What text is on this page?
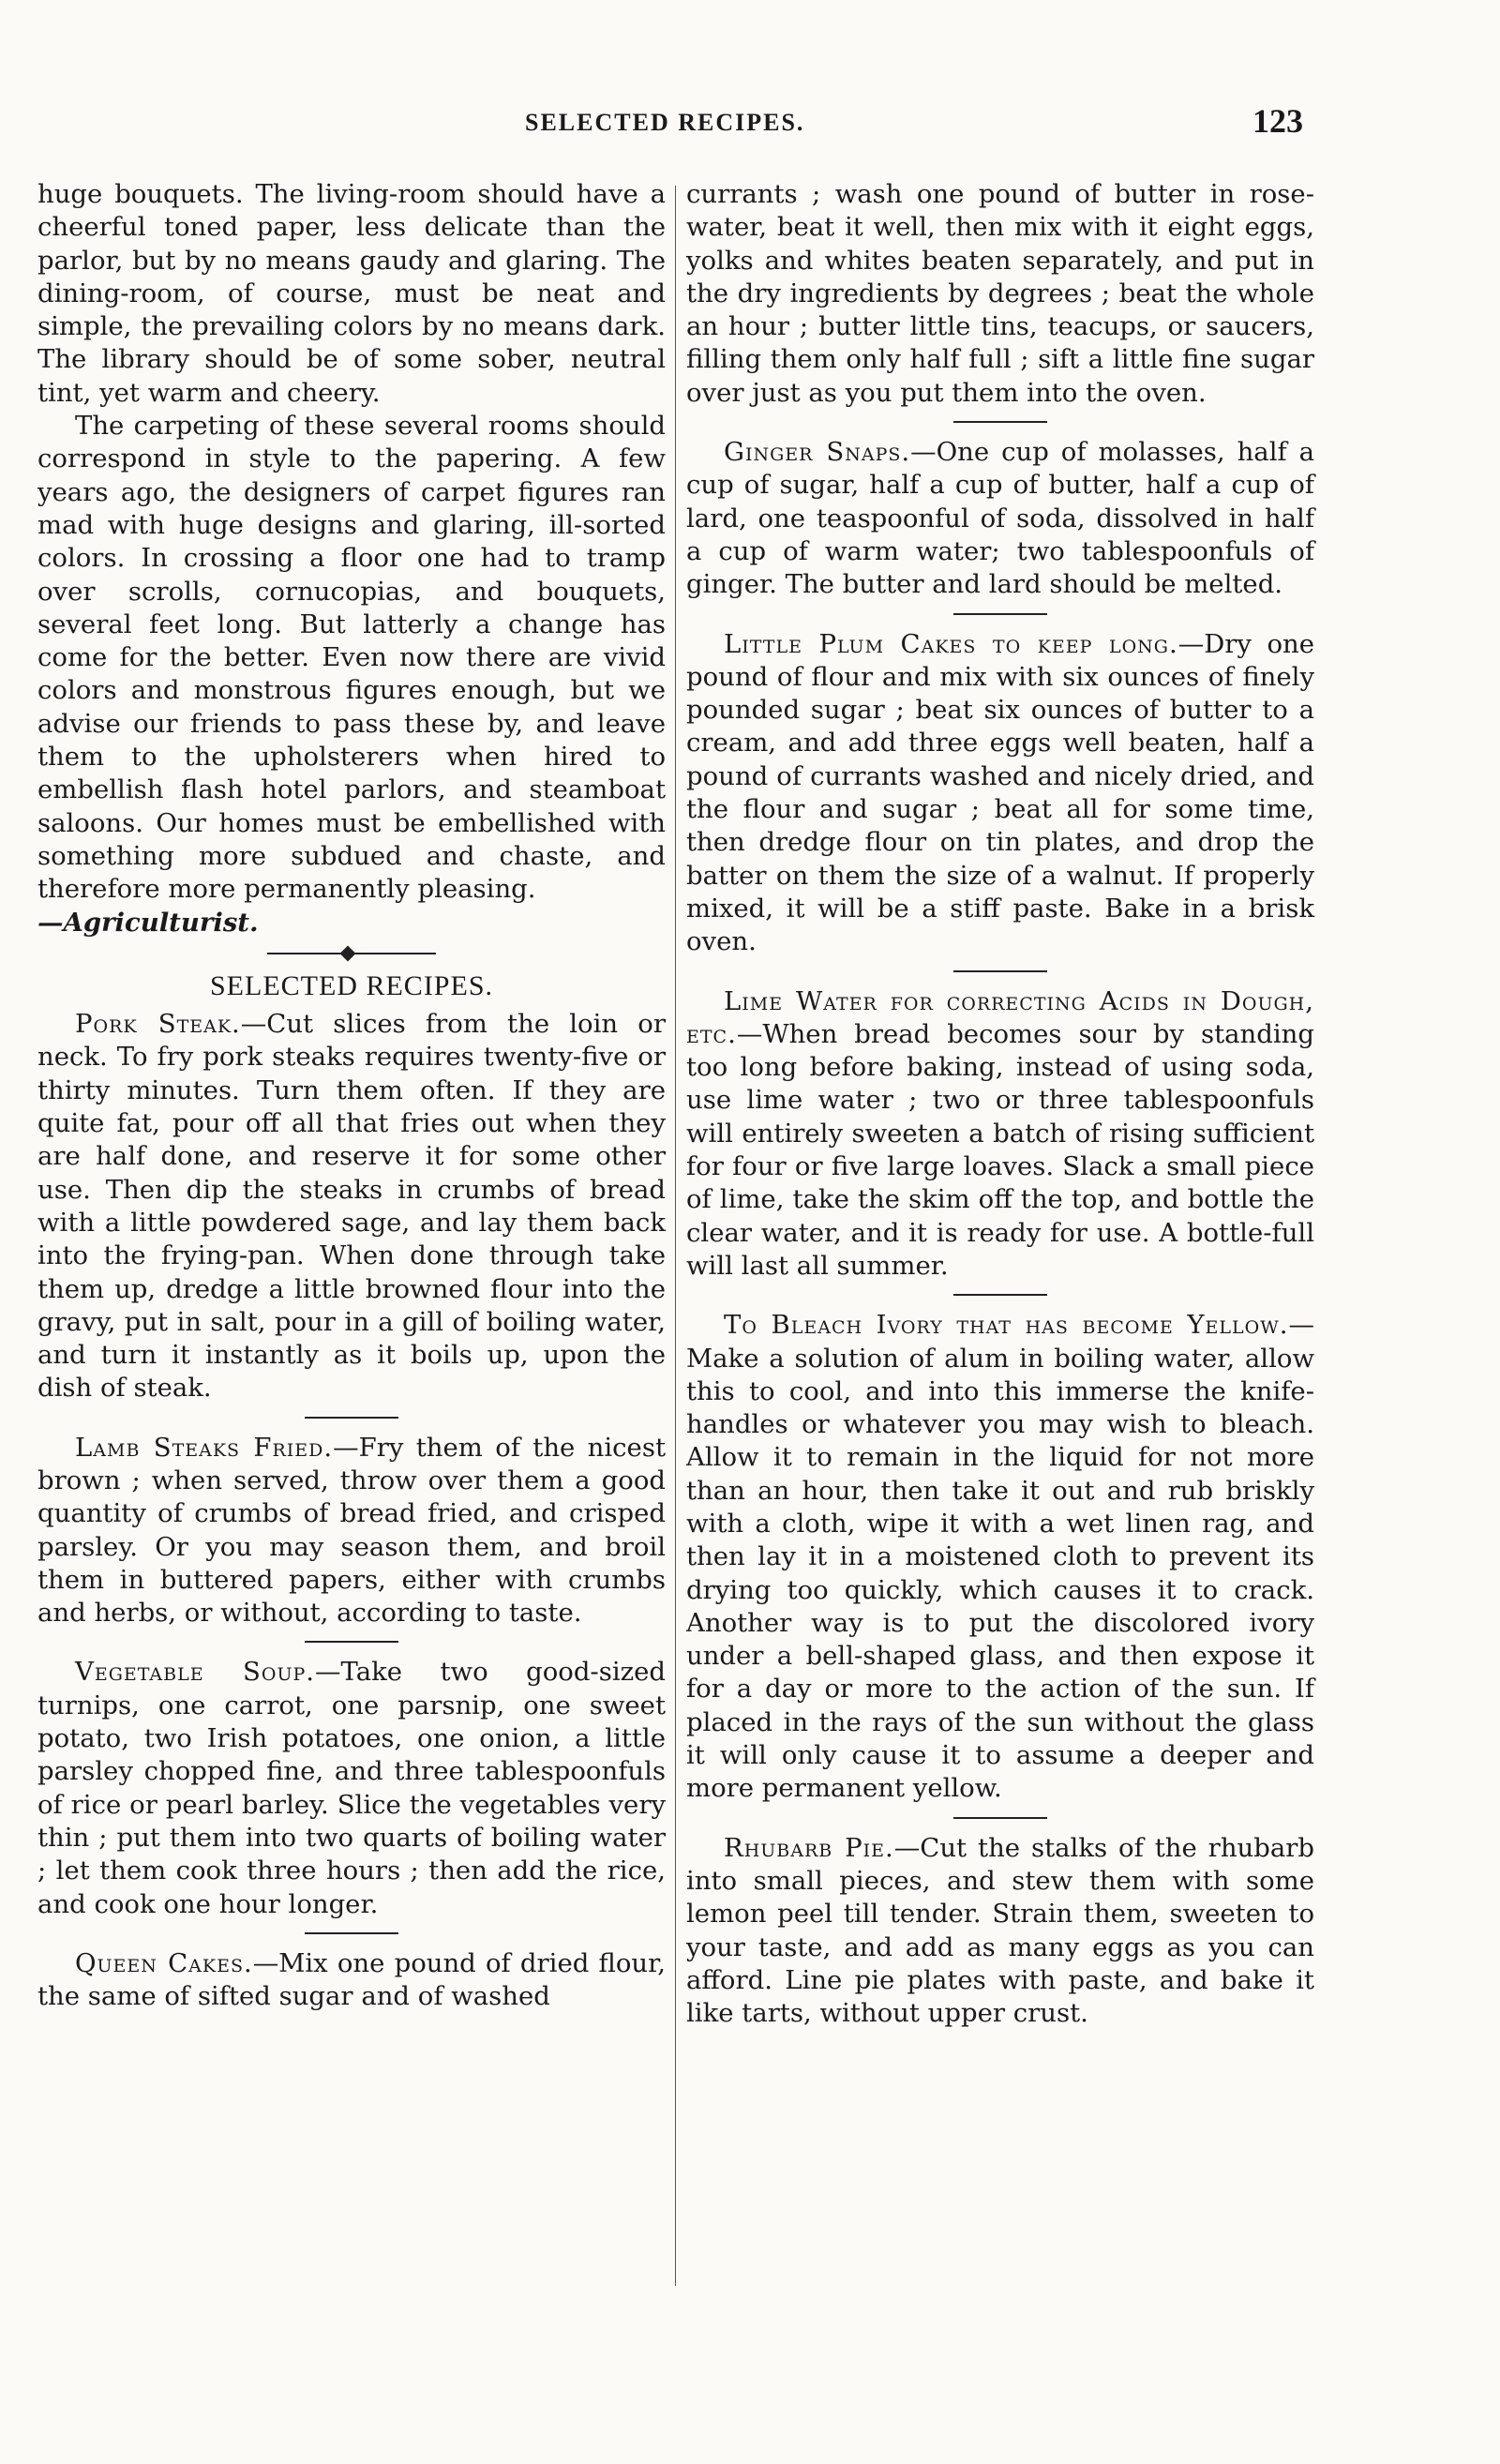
SELECTED RECIPES.	123

huge bouquets. The living-room should have a cheerful toned paper, less delicate than the parlor, but by no means gaudy and glaring. The dining-room, of course, must be neat and simple, the prevailing colors by no means dark. The library should be of some sober, neutral tint, yet warm and cheery.

The carpeting of these several rooms should correspond in style to the papering. A few years ago, the designers of carpet figures ran mad with huge designs and glaring, ill-sorted colors. In crossing a floor one had to tramp over scrolls, cornucopias, and bouquets, several feet long. But latterly a change has come for the better. Even now there are vivid colors and monstrous figures enough, but we advise our friends to pass these by, and leave them to the upholsterers when hired to embellish flash hotel parlors, and steamboat saloons. Our homes must be embellished with something more subdued and chaste, and therefore more permanently pleasing.

—Agriculturist.

SELECTED RECIPES.

Pork Steak.—Cut slices from the loin or neck. To fry pork steaks requires twenty-five or thirty minutes. Turn them often. If they are quite fat, pour off all that fries out when they are half done, and reserve it for some other use. Then dip the steaks in crumbs of bread with a little powdered sage, and lay them back into the frying-pan. When done through take them up, dredge a little browned flour into the gravy, put in salt, pour in a gill of boiling water, and turn it instantly as it boils up, upon the dish of steak.

Lamb Steaks Fried.—Fry them of the nicest brown ; when served, throw over them a good quantity of crumbs of bread fried, and crisped parsley. Or you may season them, and broil them in buttered papers, either with crumbs and herbs, or without, according to taste.

Vegetable Soup.—Take two good-sized turnips, one carrot, one parsnip, one sweet potato, two Irish potatoes, one onion, a little parsley chopped fine, and three tablespoonfuls of rice or pearl barley. Slice the vegetables very thin ; put them into two quarts of boiling water ; let them cook three hours ; then add the rice, and cook one hour longer.

Queen Cakes.—Mix one pound of dried flour, the same of sifted sugar and of washed

currants ; wash one pound of butter in rose-water, beat it well, then mix with it eight eggs, yolks and whites beaten separately, and put in the dry ingredients by degrees ; beat the whole an hour ; butter little tins, teacups, or saucers, filling them only half full ; sift a little fine sugar over just as you put them into the oven.

Ginger Snaps.—One cup of molasses, half a cup of sugar, half a cup of butter, half a cup of lard, one teaspoonful of soda, dissolved in half a cup of warm water; two tablespoonfuls of ginger. The butter and lard should be melted.

Little Plum Cakes to keep long.—Dry one pound of flour and mix with six ounces of finely pounded sugar ; beat six ounces of butter to a cream, and add three eggs well beaten, half a pound of currants washed and nicely dried, and the flour and sugar ; beat all for some time, then dredge flour on tin plates, and drop the batter on them the size of a walnut. If properly mixed, it will be a stiff paste. Bake in a brisk oven.

Lime Water for correcting Acids in Dough, etc.—When bread becomes sour by standing too long before baking, instead of using soda, use lime water ; two or three tablespoonfuls will entirely sweeten a batch of rising sufficient for four or five large loaves. Slack a small piece of lime, take the skim off the top, and bottle the clear water, and it is ready for use. A bottle-full will last all summer.

To Bleach Ivory that has become Yellow.—Make a solution of alum in boiling water, allow this to cool, and into this immerse the knife-handles or whatever you may wish to bleach. Allow it to remain in the liquid for not more than an hour, then take it out and rub briskly with a cloth, wipe it with a wet linen rag, and then lay it in a moistened cloth to prevent its drying too quickly, which causes it to crack. Another way is to put the discolored ivory under a bell-shaped glass, and then expose it for a day or more to the action of the sun. If placed in the rays of the sun without the glass it will only cause it to assume a deeper and more permanent yellow.

Rhubarb Pie.—Cut the stalks of the rhubarb into small pieces, and stew them with some lemon peel till tender. Strain them, sweeten to your taste, and add as many eggs as you can afford. Line pie plates with paste, and bake it like tarts, without upper crust.
